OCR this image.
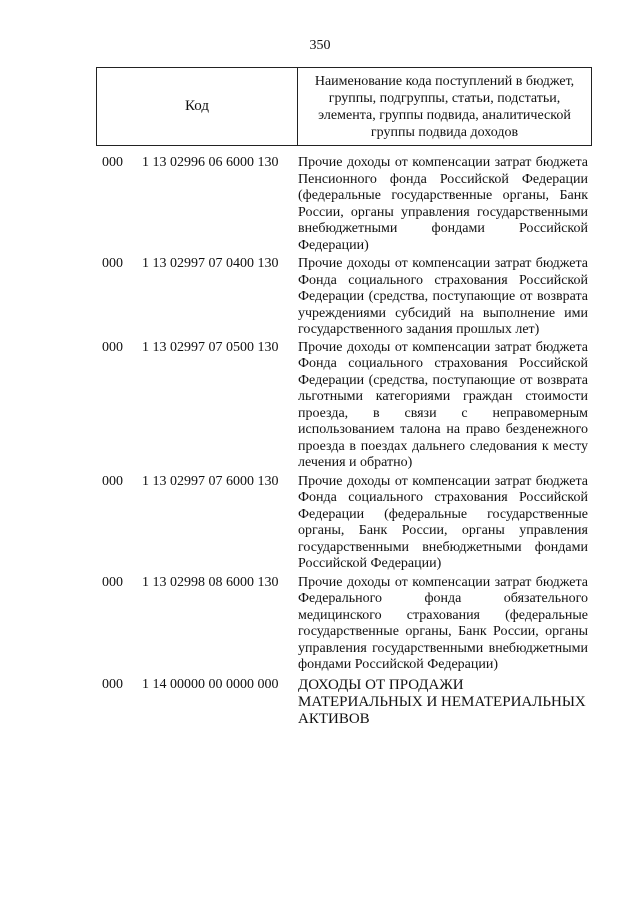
350
Код
Наименование кода поступлений в бюджет, группы, подгруппы, статьи, подстатьи, элемента, группы подвида, аналитической группы подвида доходов
000	1 13 02996 06 6000 130	Прочие доходы от компенсации затрат бюджета Пенсионного фонда Российской Федерации (федеральные государственные органы, Банк России, органы управления государственными внебюджетными фондами Российской Федерации)
000	1 13 02997 07 0400 130	Прочие доходы от компенсации затрат бюджета Фонда социального страхования Российской Федерации (средства, поступающие от возврата учреждениями субсидий на выполнение ими государственного задания прошлых лет)
000	1 13 02997 07 0500 130	Прочие доходы от компенсации затрат бюджета Фонда социального страхования Российской Федерации (средства, поступающие от возврата льготными категориями граждан стоимости проезда, в связи с неправомерным использованием талона на право безденежного проезда в поездах дальнего следования к месту лечения и обратно)
000	1 13 02997 07 6000 130	Прочие доходы от компенсации затрат бюджета Фонда социального страхования Российской Федерации (федеральные государственные органы, Банк России, органы управления государственными внебюджетными фондами Российской Федерации)
000	1 13 02998 08 6000 130	Прочие доходы от компенсации затрат бюджета Федерального фонда обязательного медицинского страхования (федеральные государственные органы, Банк России, органы управления государственными внебюджетными фондами Российской Федерации)
000	1 14 00000 00 0000 000	ДОХОДЫ ОТ ПРОДАЖИ МАТЕРИАЛЬНЫХ И НЕМАТЕРИАЛЬНЫХ АКТИВОВ
